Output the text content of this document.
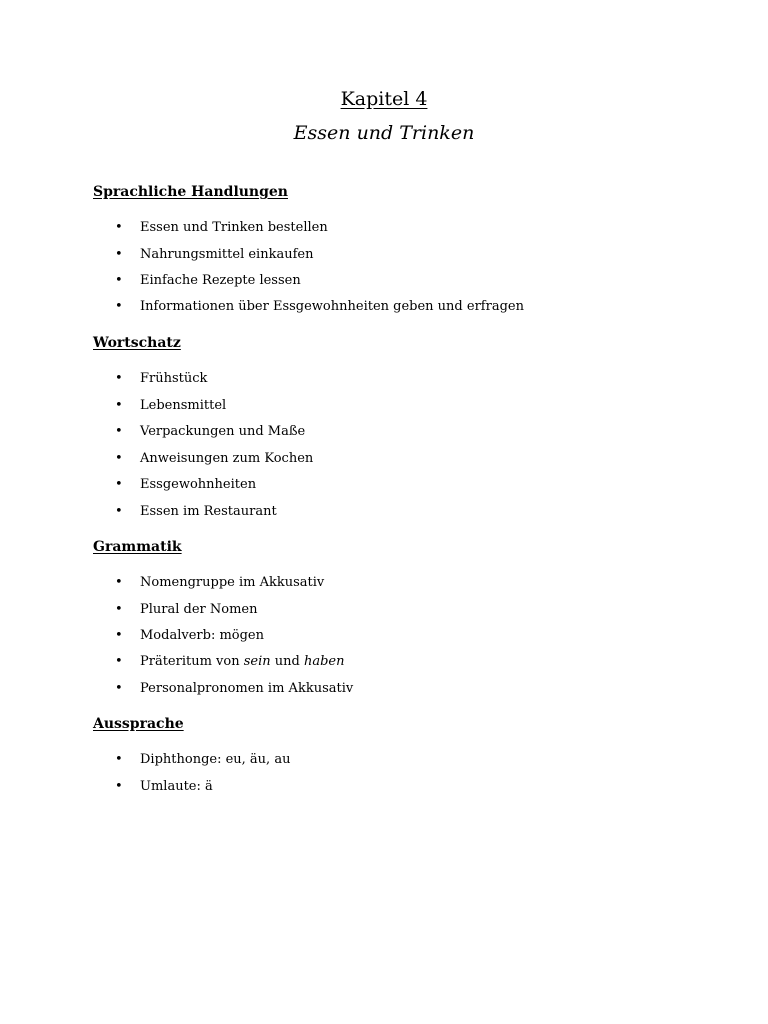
Kapitel 4
Essen und Trinken
Sprachliche Handlungen
• Essen und Trinken bestellen
• Nahrungsmittel einkaufen
• Einfache Rezepte lessen
• Informationen über Essgewohnheiten geben und erfragen
Wortschatz
• Frühstück
• Lebensmittel
• Verpackungen und Maße
• Anweisungen zum Kochen
• Essgewohnheiten
• Essen im Restaurant
Grammatik
• Nomengruppe im Akkusativ
• Plural der Nomen
• Modalverb: mögen
• Präteritum von sein und haben
• Personalpronomen im Akkusativ
Aussprache
• Diphthonge: eu, äu, au
• Umlaute: ä
